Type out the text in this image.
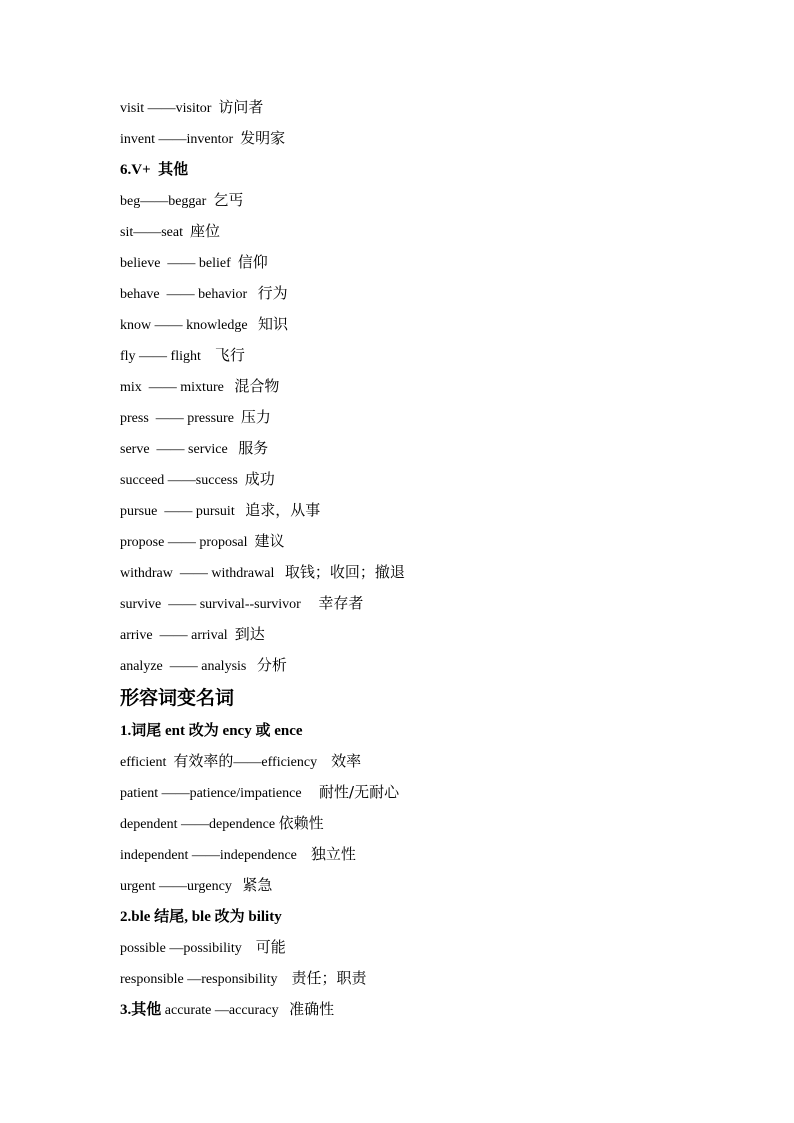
visit ——visitor  访问者
invent ——inventor  发明家
6.V+  其他
beg——beggar  乞丐
sit——seat  座位
believe  —— belief  信仰
behave  —— behavior   行为
know —— knowledge   知识
fly —— flight    飞行
mix  —— mixture   混合物
press  —— pressure  压力
serve  —— service   服务
succeed ——success  成功
pursue  —— pursuit   追求，从事
propose —— proposal  建议
withdraw  —— withdrawal   取钱；收回；撤退
survive  —— survival--survivor     幸存者
arrive  —— arrival  到达
analyze  —— analysis   分析
形容词变名词
1.词尾 ent 改为 ency 或 ence
efficient  有效率的——efficiency    效率
patient ——patience/impatience     耐性/无耐心
dependent ——dependence 依赖性
independent ——independence    独立性
urgent ——urgency   紧急
2.ble 结尾, ble 改为 bility
possible —possibility    可能
responsible —responsibility    责任；职责
3.其他 accurate —accuracy   准确性
